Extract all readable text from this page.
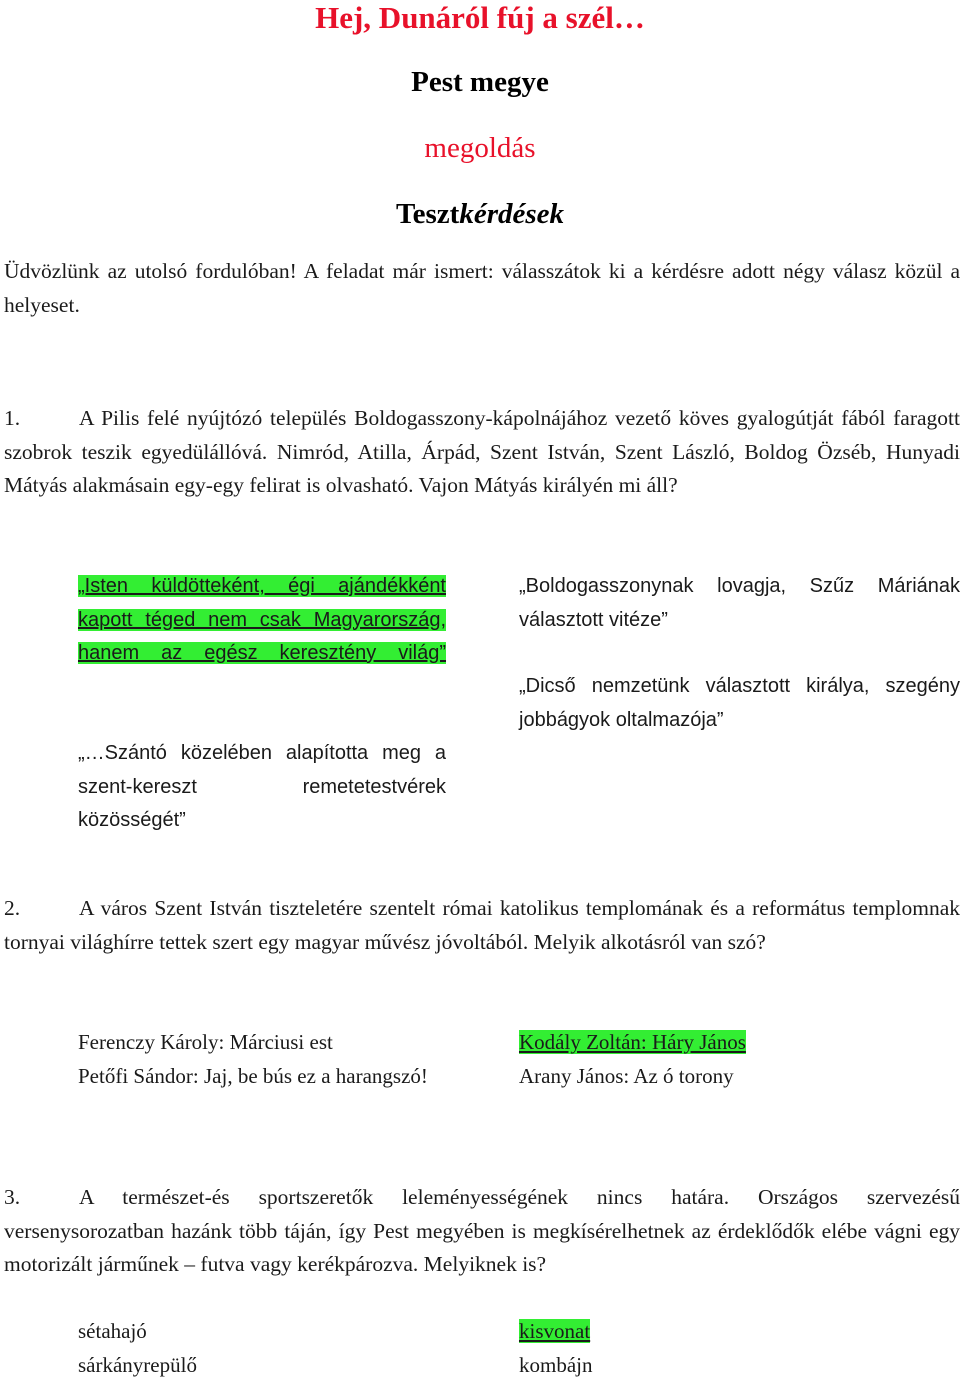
Hej, Dunáról fúj a szél…
Pest megye
megoldás
Tesztkérdések

Üdvözlünk az utolsó fordulóban! A feladat már ismert: válasszátok ki a kérdésre adott négy válasz közül a helyeset.

1.	A Pilis felé nyújtózó település Boldogasszony-kápolnájához vezető köves gyalogútját fából faragott szobrok teszik egyedülállóvá. Nimród, Atilla, Árpád, Szent István, Szent László, Boldog Özséb, Hunyadi Mátyás alakmásain egy-egy felirat is olvasható. Vajon Mátyás királyén mi áll?

„Isten küldötteként, égi ajándékként kapott téged nem csak Magyarország, hanem az egész keresztény világ”

„Boldogasszonynak lovagja, Szűz Máriának választott vitéze”

„…Szántó közelében alapította meg a szent-kereszt remetetestvérek közösségét”

„Dicső nemzetünk választott királya, szegény jobbágyok oltalmazója”

2.	A város Szent István tiszteletére szentelt római katolikus templomának és a református templomnak tornyai világhírre tettek szert egy magyar művész jóvoltából. Melyik alkotásról van szó?

Ferenczy Károly: Márciusi est	Kodály Zoltán: Háry János

Petőfi Sándor: Jaj, be bús ez a harangszó!	Arany János: Az ó torony

3.	A természet-és sportszeretők leleményességének nincs határa. Országos szervezésű versenysorozatban hazánk több táján, így Pest megyében is megkísérelhetnek az érdeklődők elébe vágni egy motorizált járműnek – futva vagy kerékpározva. Melyiknek is?

sétahajó	kisvonat

sárkányrepülő	kombájn
